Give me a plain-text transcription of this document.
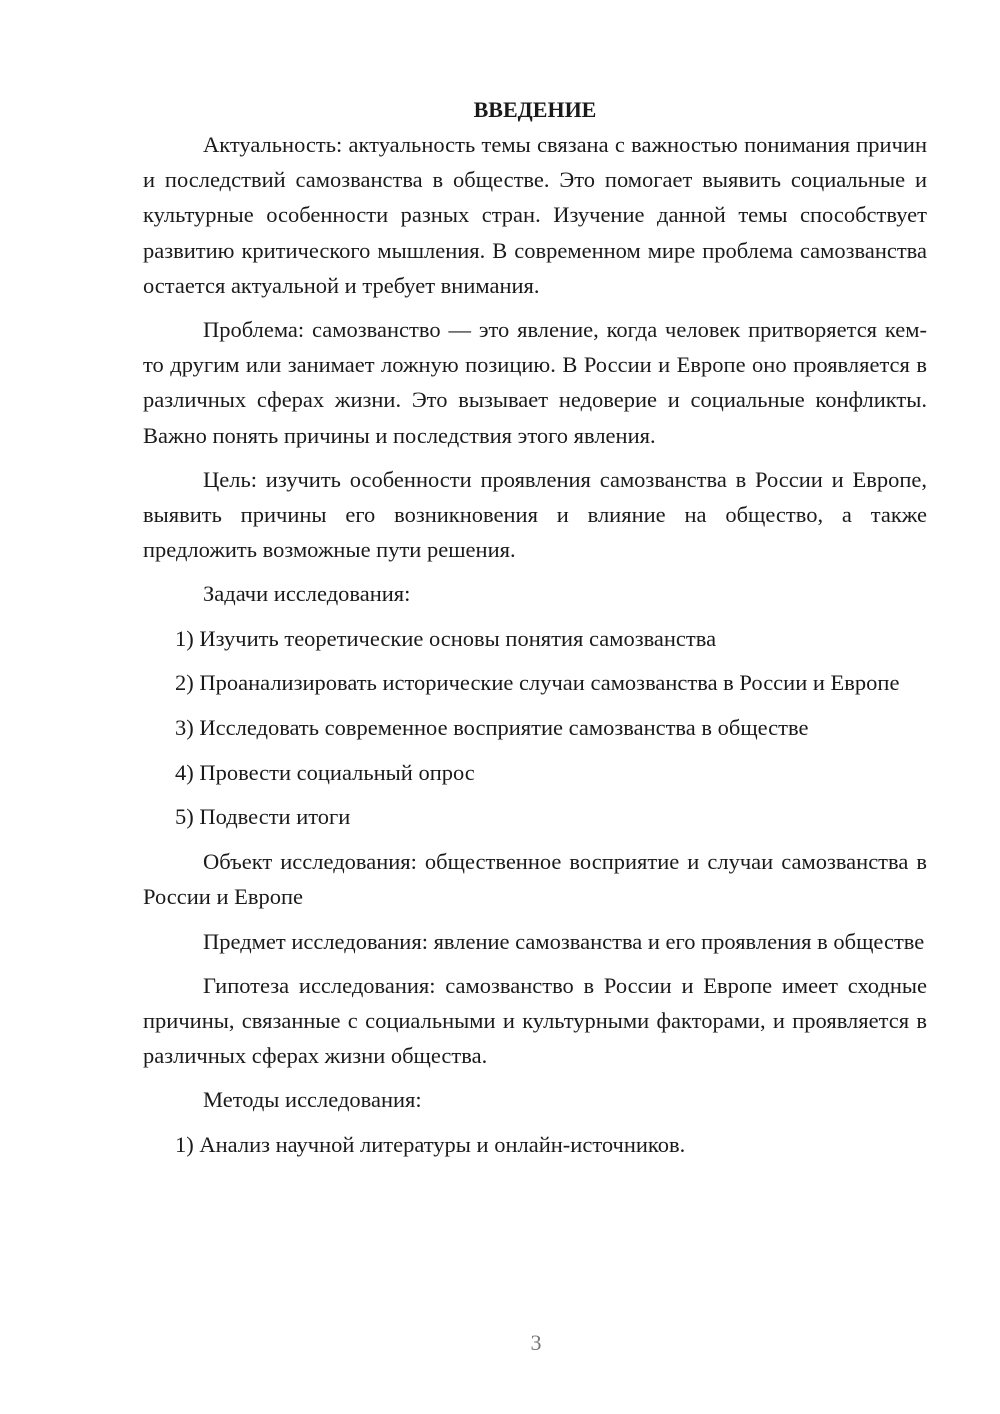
ВВЕДЕНИЕ

Актуальность: актуальность темы связана с важностью понимания причин и последствий самозванства в обществе. Это помогает выявить социальные и культурные особенности разных стран. Изучение данной темы способствует развитию критического мышления. В современном мире проблема самозванства остается актуальной и требует внимания.

Проблема: самозванство — это явление, когда человек притворяется кем-то другим или занимает ложную позицию. В России и Европе оно проявляется в различных сферах жизни. Это вызывает недоверие и социальные конфликты. Важно понять причины и последствия этого явления.

Цель: изучить особенности проявления самозванства в России и Европе, выявить причины его возникновения и влияние на общество, а также предложить возможные пути решения.

Задачи исследования:

1) Изучить теоретические основы понятия самозванства

2) Проанализировать исторические случаи самозванства в России и Европе

3) Исследовать современное восприятие самозванства в обществе

4) Провести социальный опрос

5) Подвести итоги

Объект исследования: общественное восприятие и случаи самозванства в России и Европе

Предмет исследования: явление самозванства и его проявления в обществе

Гипотеза исследования: самозванство в России и Европе имеет сходные причины, связанные с социальными и культурными факторами, и проявляется в различных сферах жизни общества.

Методы исследования:

1) Анализ научной литературы и онлайн-источников.

3
